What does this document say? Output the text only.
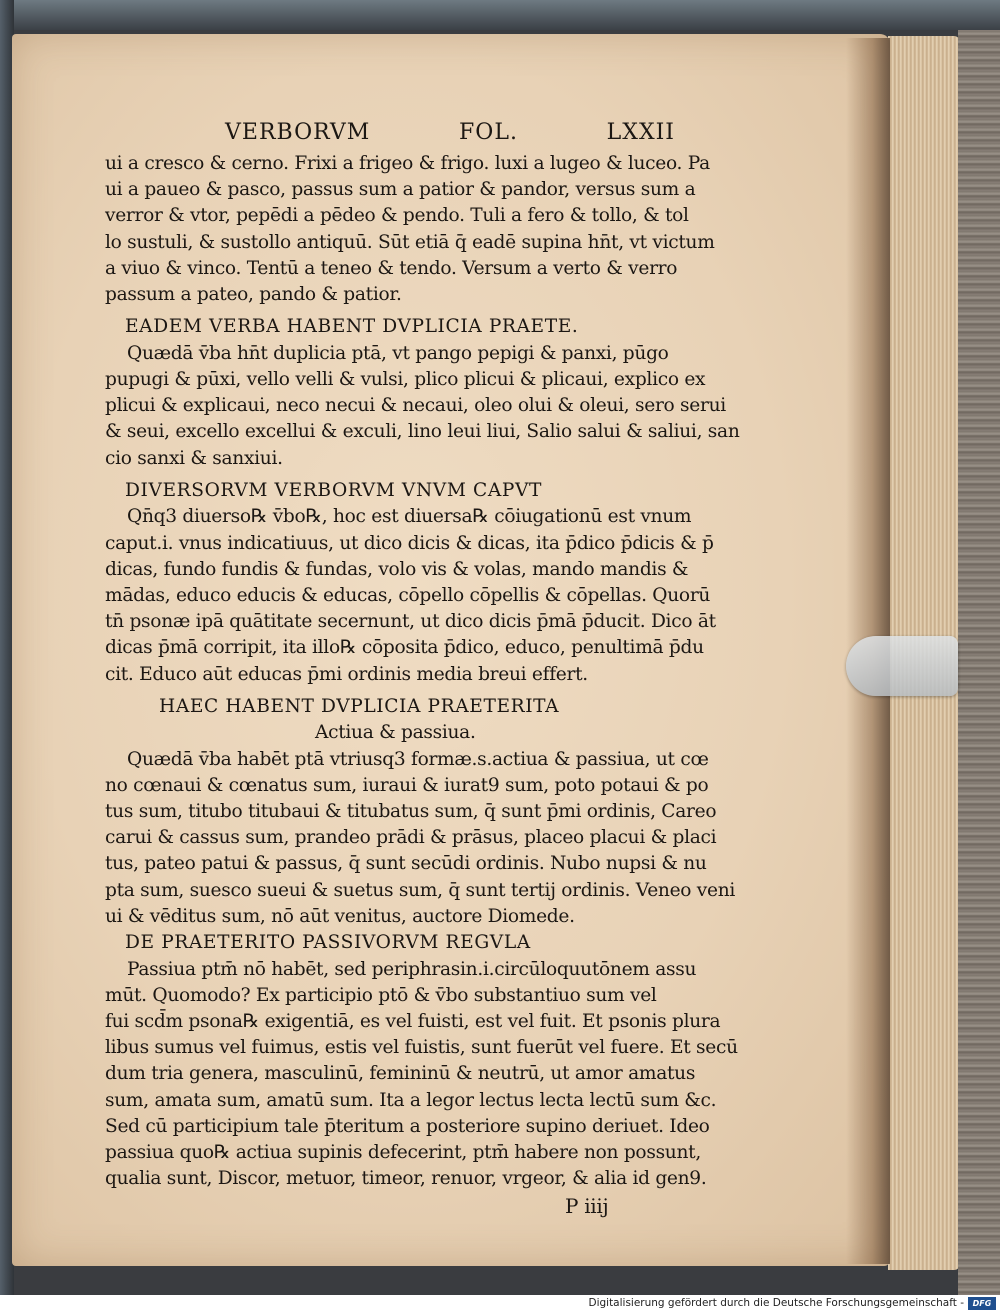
VERBORVM	FOL.	LXXII
ui a cresco & cerno. Frixi a frigeo & frigo. luxi a lugeo & luceo. Pa
ui a paueo & pasco, passus sum a patior & pandor, versus sum a
verror & vtor, pepēdi a pēdeo & pendo. Tuli a fero & tollo, & tol
lo sustuli, & sustollo antiquū. Sūt etiā q̄ eadē supina hn̄t, vt victum
a viuo & vinco. Tentū a teneo & tendo. Versum a verto & verro
passum a pateo, pando & patior.
EADEM VERBA HABENT DVPLICIA PRAETE.
Quædā v̄ba hn̄t duplicia ptā, vt pango pepigi & panxi, pūgo
pupugi & pūxi, vello velli & vulsi, plico plicui & plicaui, explico ex
plicui & explicaui, neco necui & necaui, oleo olui & oleui, sero serui
& seui, excello excellui & exculi, lino leui liui, Salio salui & saliui, san
cio sanxi & sanxiui.
DIVERSORVM VERBORVM VNVM CAPVT
Qn̄q3 diuerso℞ v̄bo℞, hoc est diuersa℞ cōiugationū est vnum
caput.i. vnus indicatiuus, ut dico dicis & dicas, ita p̄dico p̄dicis & p̄
dicas, fundo fundis & fundas, volo vis & volas, mando mandis &
mādas, educo educis & educas, cōpello cōpellis & cōpellas. Quorū
tn̄ psonæ ipā quātitate secernunt, ut dico dicis p̄mā p̄ducit. Dico āt
dicas p̄mā corripit, ita illo℞ cōposita p̄dico, educo, penultimā p̄du
cit. Educo aūt educas p̄mi ordinis media breui effert.
HAEC HABENT DVPLICIA PRAETERITA
Actiua & passiua.
Quædā v̄ba habēt ptā vtriusq3 formæ.s.actiua & passiua, ut cœ
no cœnaui & cœnatus sum, iuraui & iurat9 sum, poto potaui & po
tus sum, titubo titubaui & titubatus sum, q̄ sunt p̄mi ordinis, Careo
carui & cassus sum, prandeo prādi & prāsus, placeo placui & placi
tus, pateo patui & passus, q̄ sunt secūdi ordinis. Nubo nupsi & nu
pta sum, suesco sueui & suetus sum, q̄ sunt tertij ordinis. Veneo veni
ui & vēditus sum, nō aūt venitus, auctore Diomede.
DE PRAETERITO PASSIVORVM REGVLA
Passiua ptm̄ nō habēt, sed periphrasin.i.circūloquutōnem assu
mūt. Quomodo? Ex participio ptō & v̄bo substantiuo sum vel
fui scd̄m psona℞ exigentiā, es vel fuisti, est vel fuit. Et psonis plura
libus sumus vel fuimus, estis vel fuistis, sunt fuerūt vel fuere. Et secū
dum tria genera, masculinū, femininū & neutrū, ut amor amatus
sum, amata sum, amatū sum. Ita a legor lectus lecta lectū sum &c.
Sed cū participium tale p̄teritum a posteriore supino deriuet. Ideo
passiua quo℞ actiua supinis defecerint, ptm̄ habere non possunt,
qualia sunt, Discor, metuor, timeor, renuor, vrgeor, & alia id gen9.
P iiij
Digitalisierung gefördert durch die Deutsche Forschungsgemeinschaft -	DFG
